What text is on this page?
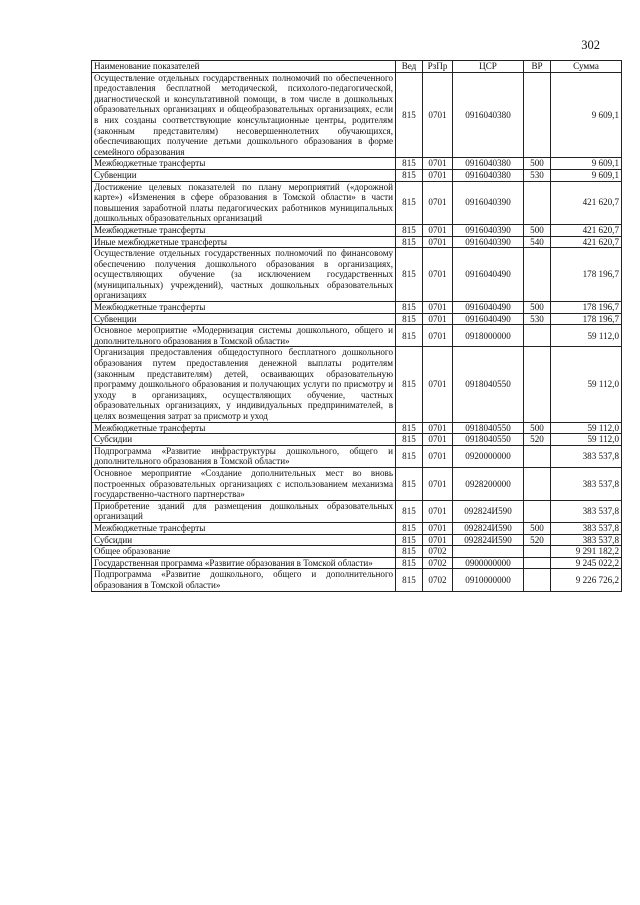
302
Наименование показателей	Вед	РзПр	ЦСР	ВР	Сумма
Осуществление отдельных государственных полномочий по обеспеченного предоставления бесплатной методической, психолого-педагогической, диагностической и консультативной помощи, в том числе в дошкольных образовательных организациях и общеобразовательных организациях, если в них созданы соответствующие консультационные центры, родителям (законным представителям) несовершеннолетних обучающихся, обеспечивающих получение детьми дошкольного образования в форме семейного образования	815	0701	0916040380		9 609,1
Межбюджетные трансферты	815	0701	0916040380	500	9 609,1
Субвенции	815	0701	0916040380	530	9 609,1
Достижение целевых показателей по плану мероприятий («дорожной карте») «Изменения в сфере образования в Томской области» в части повышения заработной платы педагогических работников муниципальных дошкольных образовательных организаций	815	0701	0916040390		421 620,7
Межбюджетные трансферты	815	0701	0916040390	500	421 620,7
Иные межбюджетные трансферты	815	0701	0916040390	540	421 620,7
Осуществление отдельных государственных полномочий по финансовому обеспечению получения дошкольного образования в организациях, осуществляющих обучение (за исключением государственных (муниципальных) учреждений), частных дошкольных образовательных организациях	815	0701	0916040490		178 196,7
Межбюджетные трансферты	815	0701	0916040490	500	178 196,7
Субвенции	815	0701	0916040490	530	178 196,7
Основное мероприятие «Модернизация системы дошкольного, общего и дополнительного образования в Томской области»	815	0701	0918000000		59 112,0
Организация предоставления общедоступного бесплатного дошкольного образования путем предоставления денежной выплаты родителям (законным представителям) детей, осваивающих образовательную программу дошкольного образования и получающих услуги по присмотру и уходу в организациях, осуществляющих обучение, частных образовательных организациях, у индивидуальных предпринимателей, в целях возмещения затрат за присмотр и уход	815	0701	0918040550		59 112,0
Межбюджетные трансферты	815	0701	0918040550	500	59 112,0
Субсидии	815	0701	0918040550	520	59 112,0
Подпрограмма «Развитие инфраструктуры дошкольного, общего и дополнительного образования в Томской области»	815	0701	0920000000		383 537,8
Основное мероприятие «Создание дополнительных мест во вновь построенных образовательных организациях с использованием механизма государственно-частного партнерства»	815	0701	0928200000		383 537,8
Приобретение зданий для размещения дошкольных образовательных организаций	815	0701	092824И590		383 537,8
Межбюджетные трансферты	815	0701	092824И590	500	383 537,8
Субсидии	815	0701	092824И590	520	383 537,8
Общее образование	815	0702			9 291 182,2
Государственная программа «Развитие образования в Томской области»	815	0702	0900000000		9 245 022,2
Подпрограмма «Развитие дошкольного, общего и дополнительного образования в Томской области»	815	0702	0910000000		9 226 726,2
